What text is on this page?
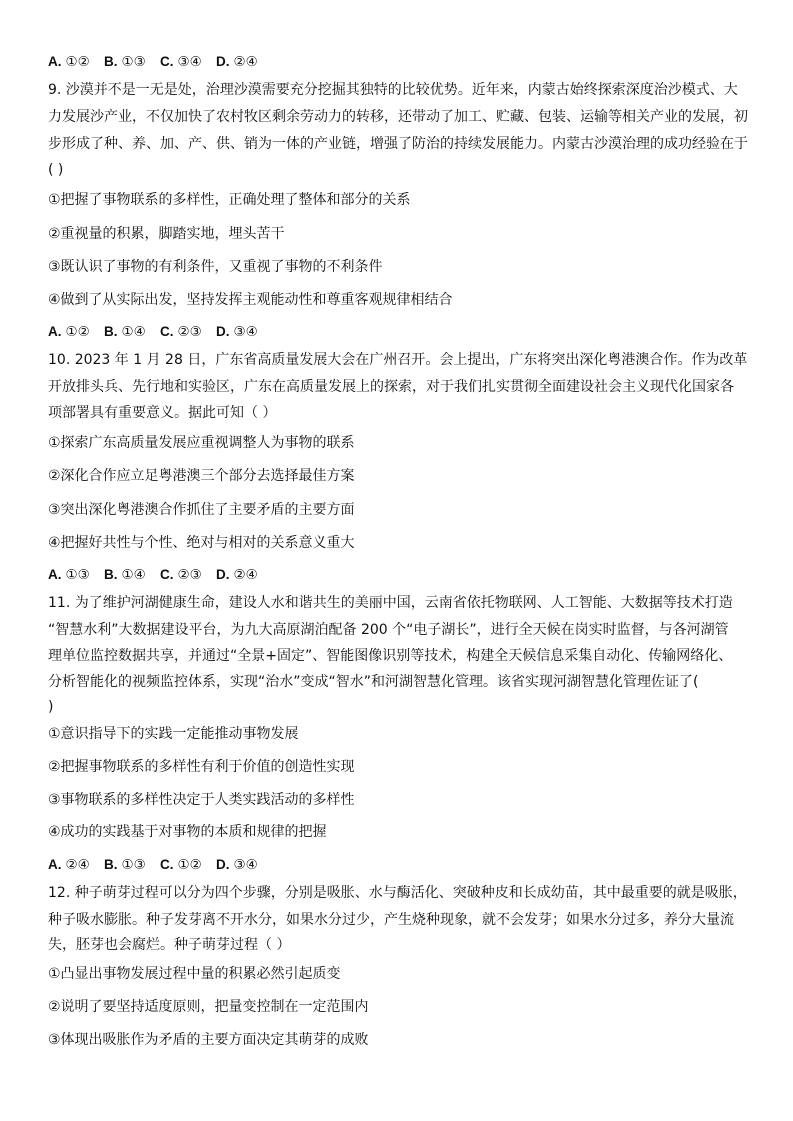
A. ①② B. ①③ C. ③④ D. ②④
9. 沙漠并不是一无是处，治理沙漠需要充分挖掘其独特的比较优势。近年来，内蒙古始终探索深度治沙模式、大
力发展沙产业，不仅加快了农村牧区剩余劳动力的转移，还带动了加工、贮藏、包装、运输等相关产业的发展，初
步形成了种、养、加、产、供、销为一体的产业链，增强了防治的持续发展能力。内蒙古沙漠治理的成功经验在于
( )
①把握了事物联系的多样性，正确处理了整体和部分的关系
②重视量的积累，脚踏实地，埋头苦干
③既认识了事物的有利条件，又重视了事物的不利条件
④做到了从实际出发，坚持发挥主观能动性和尊重客观规律相结合
A. ①② B. ①④ C. ②③ D. ③④
10. 2023 年 1 月 28 日，广东省高质量发展大会在广州召开。会上提出，广东将突出深化粤港澳合作。作为改革
开放排头兵、先行地和实验区，广东在高质量发展上的探索，对于我们扎实贯彻全面建设社会主义现代化国家各
项部署具有重要意义。据此可知（ ）
①探索广东高质量发展应重视调整人为事物的联系
②深化合作应立足粤港澳三个部分去选择最佳方案
③突出深化粤港澳合作抓住了主要矛盾的主要方面
④把握好共性与个性、绝对与相对的关系意义重大
A. ①③ B. ①④ C. ②③ D. ②④
11. 为了维护河湖健康生命，建设人水和谐共生的美丽中国，云南省依托物联网、人工智能、大数据等技术打造
“智慧水利”大数据建设平台，为九大高原湖泊配备 200 个“电子湖长”，进行全天候在岗实时监督，与各河湖管
理单位监控数据共享，并通过“全景+固定”、智能图像识别等技术，构建全天候信息采集自动化、传输网络化、
分析智能化的视频监控体系，实现“治水”变成“智水”和河湖智慧化管理。该省实现河湖智慧化管理佐证了(
)
①意识指导下的实践一定能推动事物发展
②把握事物联系的多样性有利于价值的创造性实现
③事物联系的多样性决定于人类实践活动的多样性
④成功的实践基于对事物的本质和规律的把握
A. ②④ B. ①③ C. ①② D. ③④
12. 种子萌芽过程可以分为四个步骤，分别是吸胀、水与酶活化、突破种皮和长成幼苗，其中最重要的就是吸胀，
种子吸水膨胀。种子发芽离不开水分，如果水分过少，产生烧种现象，就不会发芽；如果水分过多，养分大量流
失，胚芽也会腐烂。种子萌芽过程（ ）
①凸显出事物发展过程中量的积累必然引起质变
②说明了要坚持适度原则，把量变控制在一定范围内
③体现出吸胀作为矛盾的主要方面决定其萌芽的成败
